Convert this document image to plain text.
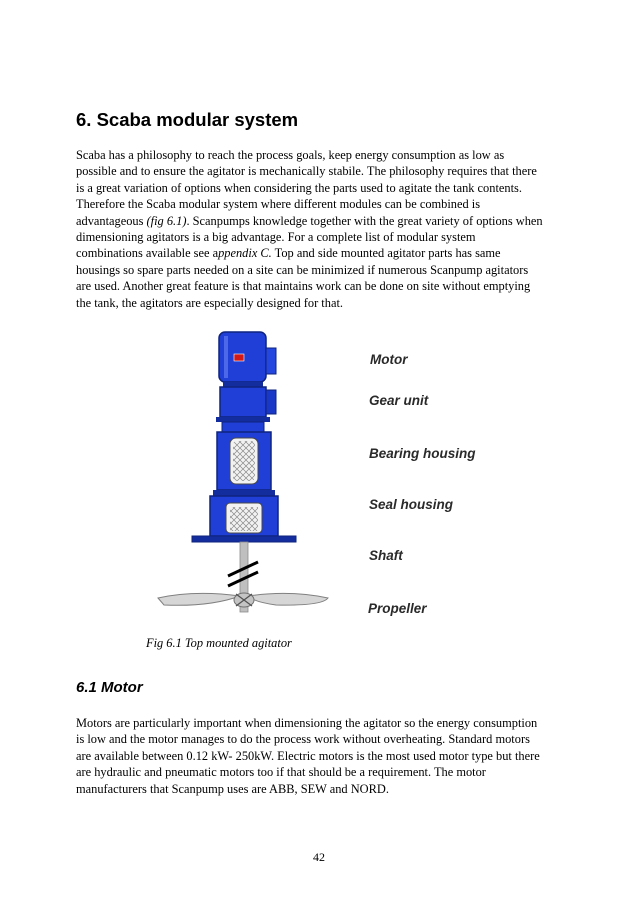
6. Scaba modular system

Scaba has a philosophy to reach the process goals, keep energy consumption as low as

possible and to ensure the agitator is mechanically stabile. The philosophy requires that there

is a great variation of options when considering the parts used to agitate the tank contents.

Therefore the Scaba modular system where different modules can be combined is

advantageous (fig 6.1). Scanpumps knowledge together with the great variety of options when

dimensioning agitators is a big advantage. For a complete list of modular system

combinations available see appendix C. Top and side mounted agitator parts has same

housings so spare parts needed on a site can be minimized if numerous Scanpump agitators

are used. Another great feature is that maintains work can be done on site without emptying

the tank, the agitators are especially designed for that.

Motor
Gear unit
Bearing housing
Seal housing
Shaft
Propeller

Fig 6.1 Top mounted agitator

6.1 Motor

Motors are particularly important when dimensioning the agitator so the energy consumption

is low and the motor manages to do the process work without overheating. Standard motors

are available between 0.12 kW- 250kW. Electric motors is the most used motor type but there

are hydraulic and pneumatic motors too if that should be a requirement. The motor

manufacturers that Scanpump uses are ABB, SEW and NORD.

42
